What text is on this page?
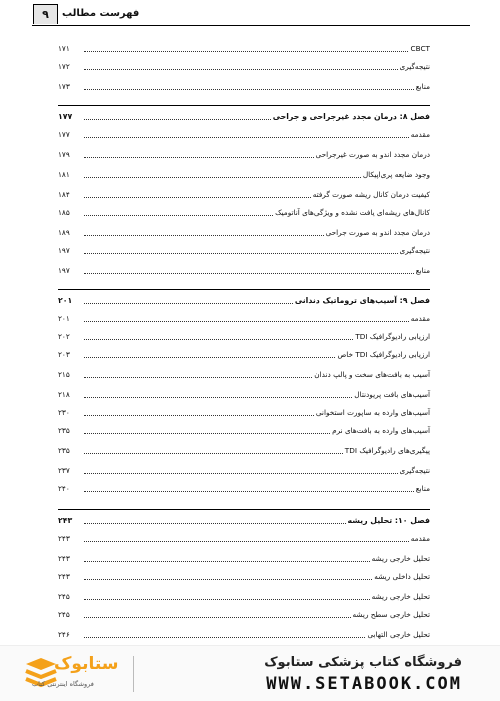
۹	فهرست مطالب
ستابوک
فروشگاه اینترنتی کتاب
فروشگاه کتاب پزشکی ستابوک
WWW.SETABOOK.COM
CBCT
۱۷۱
نتیجه‌گیری
۱۷۲
منابع
۱۷۳
فصل ۸: درمان مجدد غیرجراحی و جراحی
۱۷۷
مقدمه
۱۷۷
درمان مجدد اندو به صورت غیرجراحی
۱۷۹
وجود ضایعه پری‌اپیکال
۱۸۱
کیفیت درمان کانال ریشه صورت گرفته
۱۸۴
کانال‌های ریشه‌ای یافت نشده و ویژگی‌های آناتومیک
۱۸۵
درمان مجدد اندو به صورت جراحی
۱۸۹
نتیجه‌گیری
۱۹۷
منابع
۱۹۷
فصل ۹: آسیب‌های تروماتیک دندانی
۲۰۱
مقدمه
۲۰۱
ارزیابی رادیوگرافیک TDI
۲۰۲
ارزیابی رادیوگرافیک TDI خاص
۲۰۳
آسیب به بافت‌های سخت و پالپ دندان
۲۱۵
آسیب‌های بافت پریودنتال
۲۱۸
آسیب‌های وارده به ساپورت استخوانی
۲۳۰
آسیب‌های وارده به بافت‌های نرم
۲۳۵
پیگیری‌های رادیوگرافیک TDI
۲۳۵
نتیجه‌گیری
۲۳۷
منابع
۲۴۰
فصل ۱۰: تحلیل ریشه
۲۴۳
مقدمه
۲۴۳
تحلیل خارجی ریشه
۲۴۳
تحلیل داخلی ریشه
۲۴۳
تحلیل خارجی ریشه
۲۴۵
تحلیل خارجی سطح ریشه
۲۴۵
تحلیل خارجی التهابی
۲۴۶
